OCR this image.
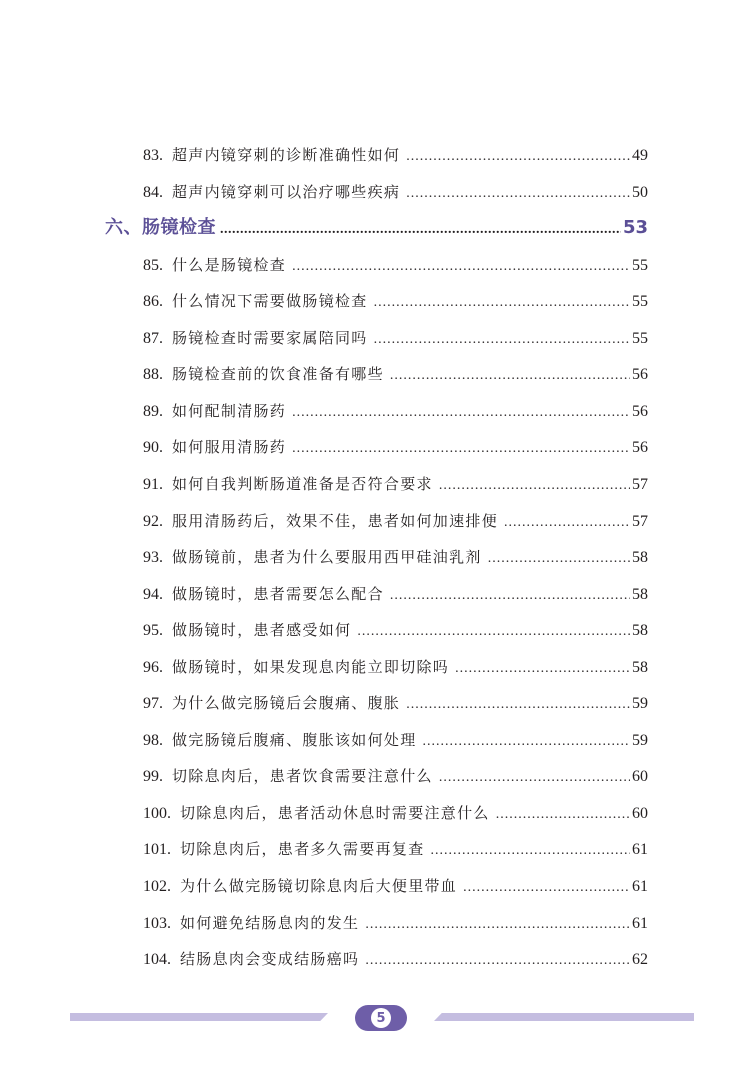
83. 超声内镜穿刺的诊断准确性如何 .....	49
84. 超声内镜穿刺可以治疗哪些疾病 .....	50
六、肠镜检查 .....	53
85. 什么是肠镜检查 .....	55
86. 什么情况下需要做肠镜检查 .....	55
87. 肠镜检查时需要家属陪同吗 .....	55
88. 肠镜检查前的饮食准备有哪些 .....	56
89. 如何配制清肠药 .....	56
90. 如何服用清肠药 .....	56
91. 如何自我判断肠道准备是否符合要求 .....	57
92. 服用清肠药后，效果不佳，患者如何加速排便 .....	57
93. 做肠镜前，患者为什么要服用西甲硅油乳剂 .....	58
94. 做肠镜时，患者需要怎么配合 .....	58
95. 做肠镜时，患者感受如何 .....	58
96. 做肠镜时，如果发现息肉能立即切除吗 .....	58
97. 为什么做完肠镜后会腹痛、腹胀 .....	59
98. 做完肠镜后腹痛、腹胀该如何处理 .....	59
99. 切除息肉后，患者饮食需要注意什么 .....	60
100. 切除息肉后，患者活动休息时需要注意什么 .....	60
101. 切除息肉后，患者多久需要再复查 .....	61
102. 为什么做完肠镜切除息肉后大便里带血 .....	61
103. 如何避免结肠息肉的发生 .....	61
104. 结肠息肉会变成结肠癌吗 .....	62
5
